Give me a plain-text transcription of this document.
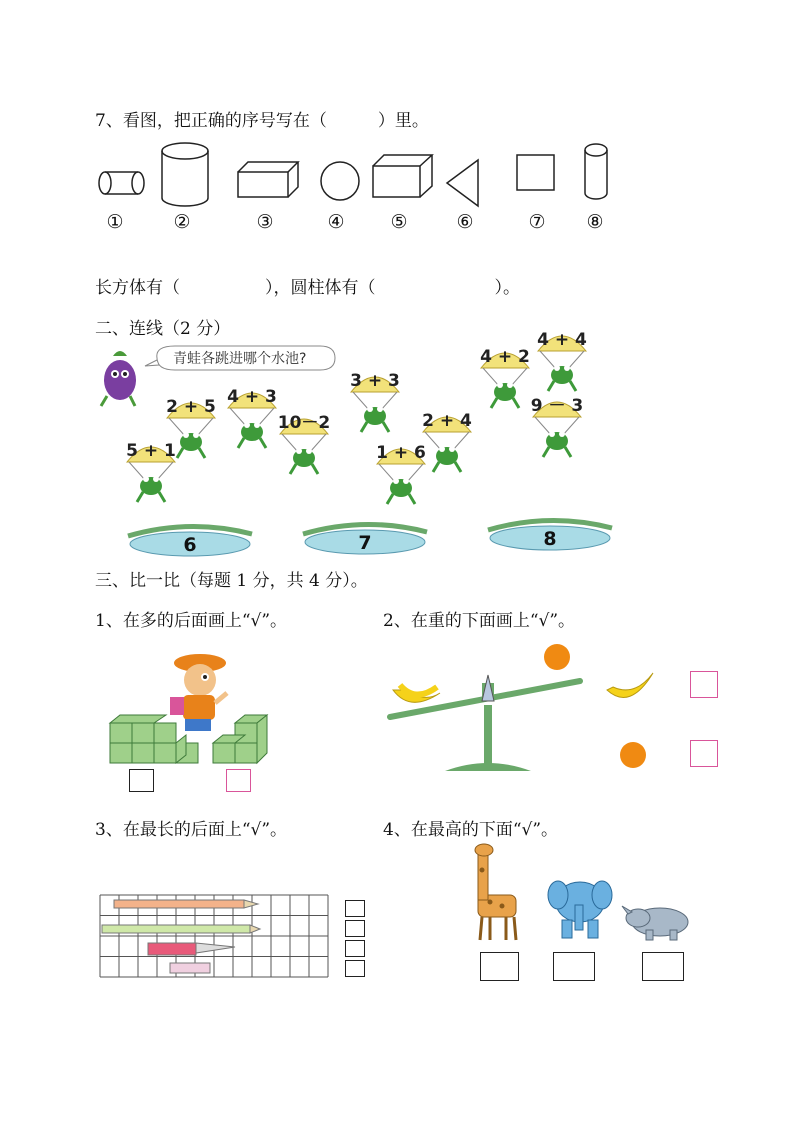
7、看图，把正确的序号写在（　　　）里。
①	②	③	④	⑤	⑥	⑦	⑧
长方体有（　　　　　），圆柱体有（　　　　　　　）。
二、连线（2 分）
青蛙各跳进哪个水池?
4 + 4
4 + 2
3 + 3
2 + 5 4 + 3
10－2
9 － 3
2 + 4
5 + 1	1 + 6
6	7	8
三、比一比（每题 1 分，共 4 分）。
1、在多的后面画上“√”。	2、在重的下面画上“√”。
3、在最长的后面上“√”。	4、在最高的下面“√”。
